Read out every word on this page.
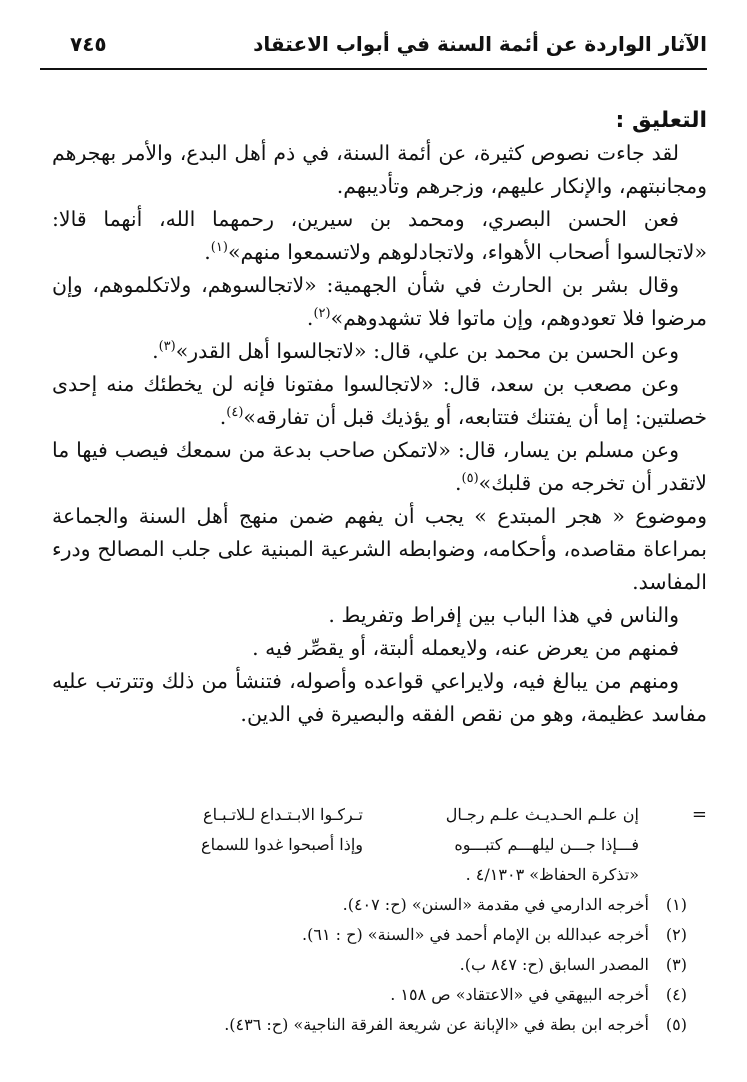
الآثار الواردة عن أئمة السنة في أبواب الاعتقاد
٧٤٥

التعليق :

لقد جاءت نصوص كثيرة، عن أئمة السنة، في ذم أهل البدع، والأمر بهجرهم ومجانبتهم، والإنكار عليهم، وزجرهم وتأديبهم.

فعن الحسن البصري، ومحمد بن سيرين، رحمهما الله، أنهما قالا: «لاتجالسوا أصحاب الأهواء، ولاتجادلوهم ولاتسمعوا منهم»$^{(١)}$.

وقال بشر بن الحارث في شأن الجهمية: «لاتجالسوهم، ولاتكلموهم، وإن مرضوا فلا تعودوهم، وإن ماتوا فلا تشهدوهم»$^{(٢)}$.

وعن الحسن بن محمد بن علي، قال: «لاتجالسوا أهل القدر»$^{(٣)}$.

وعن مصعب بن سعد، قال: «لاتجالسوا مفتونا فإنه لن يخطئك منه إحدى خصلتين: إما أن يفتنك فتتابعه، أو يؤذيك قبل أن تفارقه»$^{(٤)}$.

وعن مسلم بن يسار، قال: «لاتمكن صاحب بدعة من سمعك فيصب فيها ما لاتقدر أن تخرجه من قلبك»$^{(٥)}$.

وموضوع « هجر المبتدع » يجب أن يفهم ضمن منهج أهل السنة والجماعة بمراعاة مقاصده، وأحكامه، وضوابطه الشرعية المبنية على جلب المصالح ودرء المفاسد.

والناس في هذا الباب بين إفراط وتفريط .

فمنهم من يعرض عنه، ولايعمله ألبتة، أو يقصِّر فيه .

ومنهم من يبالغ فيه، ولايراعي قواعده وأصوله، فتنشأ من ذلك وتترتب عليه مفاسد عظيمة، وهو من نقص الفقه والبصيرة في الدين.

=
إن علـم الحـديـث علـم رجـال
تـركـوا الابـتـداع لـلاتـبـاع
فـــإذا جـــن ليلهـــم كتبـــوه
وإذا أصبحوا غدوا للسماع
«تذكرة الحفاظ» ٤/١٣٠٣ .
(١)
أخرجه الدارمي في مقدمة «السنن» (ح: ٤٠٧).
(٢)
أخرجه عبدالله بن الإمام أحمد في «السنة» (ح : ٦١).
(٣)
المصدر السابق (ح: ٨٤٧ ب).
(٤)
أخرجه البيهقي في «الاعتقاد» ص ١٥٨ .
(٥)
أخرجه ابن بطة في «الإبانة عن شريعة الفرقة الناجية» (ح: ٤٣٦).
